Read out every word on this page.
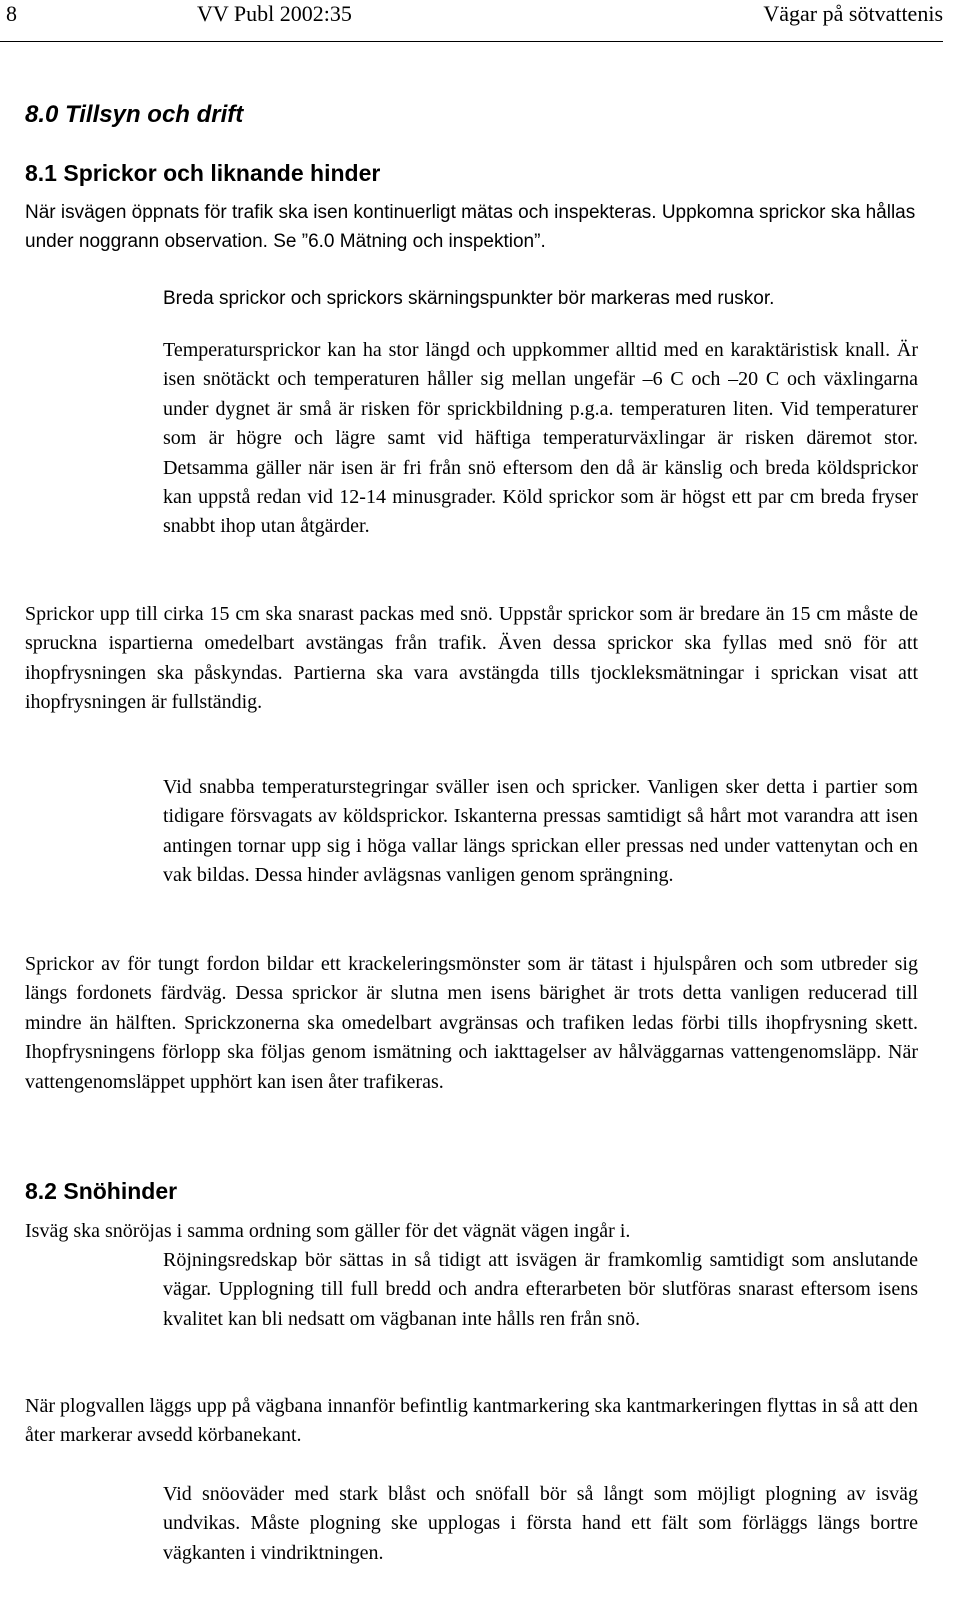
8	VV Publ 2002:35	Vägar på sötvattenis
8.0 Tillsyn och drift
8.1 Sprickor och liknande hinder

När isvägen öppnats för trafik ska isen kontinuerligt mätas och inspekteras. Uppkomna sprickor ska hållas under noggrann observation. Se ”6.0 Mätning och inspektion”.

Breda sprickor och sprickors skärningspunkter bör markeras med ruskor.

Temperatursprickor kan ha stor längd och uppkommer alltid med en karaktäristisk knall. Är isen snötäckt och temperaturen håller sig mellan ungefär –6 C och –20 C och växlingarna under dygnet är små är risken för sprickbildning p.g.a. temperaturen liten. Vid temperaturer som är högre och lägre samt vid häftiga temperaturväxlingar är risken däremot stor. Detsamma gäller när isen är fri från snö eftersom den då är känslig och breda köldsprickor kan uppstå redan vid 12-14 minusgrader. Köld sprickor som är högst ett par cm breda fryser snabbt ihop utan åtgärder.

Sprickor upp till cirka 15 cm ska snarast packas med snö. Uppstår sprickor som är bredare än 15 cm måste de spruckna ispartierna omedelbart avstängas från trafik. Även dessa sprickor ska fyllas med snö för att ihopfrysningen ska påskyndas. Partierna ska vara avstängda tills tjockleksmätningar i sprickan visat att ihopfrysningen är fullständig.

Vid snabba temperaturstegringar sväller isen och spricker. Vanligen sker detta i partier som tidigare försvagats av köldsprickor. Iskanterna pressas samtidigt så hårt mot varandra att isen antingen tornar upp sig i höga vallar längs sprickan eller pressas ned under vattenytan och en vak bildas. Dessa hinder avlägsnas vanligen genom sprängning.

Sprickor av för tungt fordon bildar ett krackeleringsmönster som är tätast i hjulspåren och som utbreder sig längs fordonets färdväg. Dessa sprickor är slutna men isens bärighet är trots detta vanligen reducerad till mindre än hälften. Sprickzonerna ska omedelbart avgränsas och trafiken ledas förbi tills ihopfrysning skett. Ihopfrysningens förlopp ska följas genom ismätning och iakttagelser av hålväggarnas vattengenomsläpp. När vattengenomsläppet upphört kan isen åter trafikeras.

8.2 Snöhinder

Isväg ska snöröjas i samma ordning som gäller för det vägnät vägen ingår i.

Röjningsredskap bör sättas in så tidigt att isvägen är framkomlig samtidigt som anslutande vägar. Upplogning till full bredd och andra efterarbeten bör slutföras snarast eftersom isens kvalitet kan bli nedsatt om vägbanan inte hålls ren från snö.

När plogvallen läggs upp på vägbana innanför befintlig kantmarkering ska kantmarkeringen flyttas in så att den åter markerar avsedd körbanekant.

Vid snöoväder med stark blåst och snöfall bör så långt som möjligt plogning av isväg undvikas. Måste plogning ske upplogas i första hand ett fält som förläggs längs bortre vägkanten i vindriktningen.
